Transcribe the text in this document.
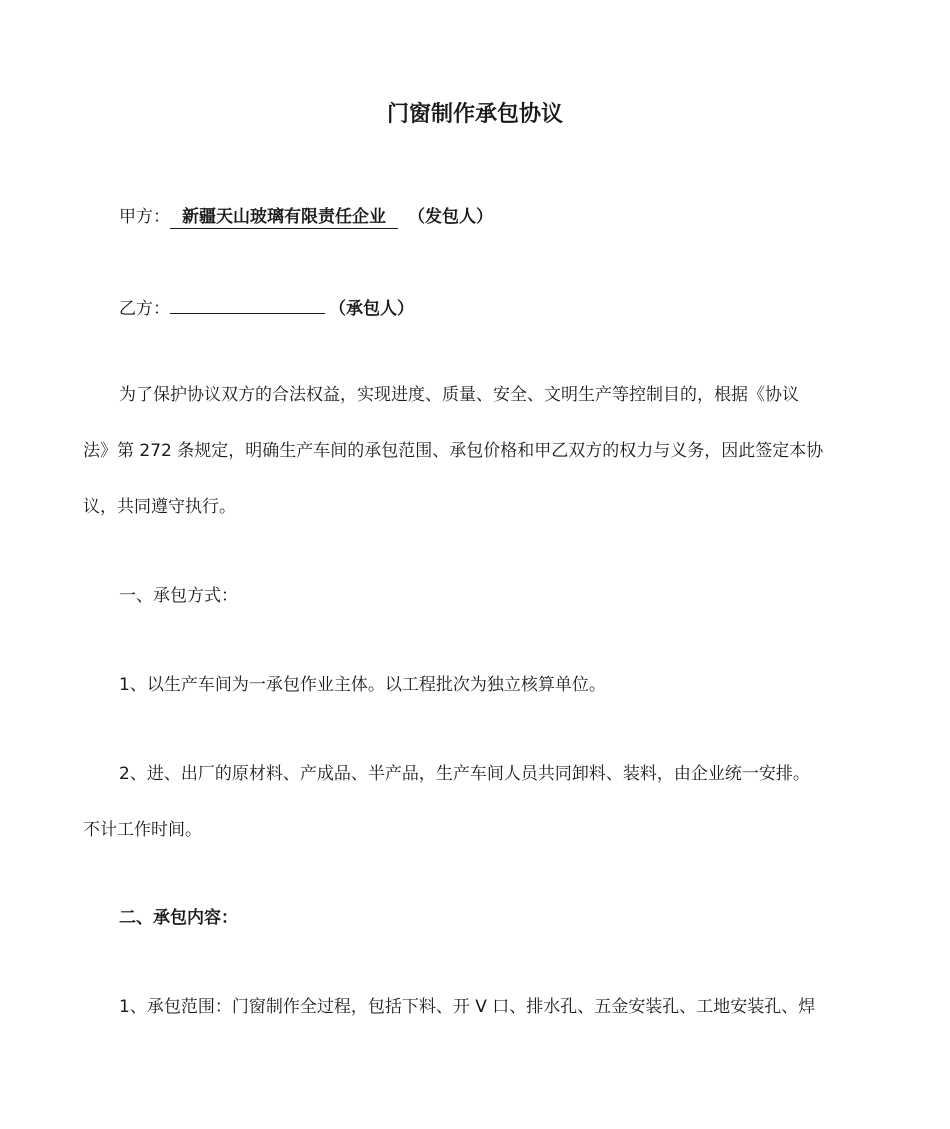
门窗制作承包协议
甲方： 新疆天山玻璃有限责任企业 （发包人）
乙方：	（承包人）
为了保护协议双方的合法权益，实现进度、质量、安全、文明生产等控制目的，根据《协议
法》第 272 条规定，明确生产车间的承包范围、承包价格和甲乙双方的权力与义务，因此签定本协
议，共同遵守执行。
一、承包方式：
1、以生产车间为一承包作业主体。以工程批次为独立核算单位。
2、进、出厂的原材料、产成品、半产品，生产车间人员共同卸料、装料，由企业统一安排。
不计工作时间。
二、承包内容：
1、承包范围：门窗制作全过程，包括下料、开 V 口、排水孔、五金安装孔、工地安装孔、焊
